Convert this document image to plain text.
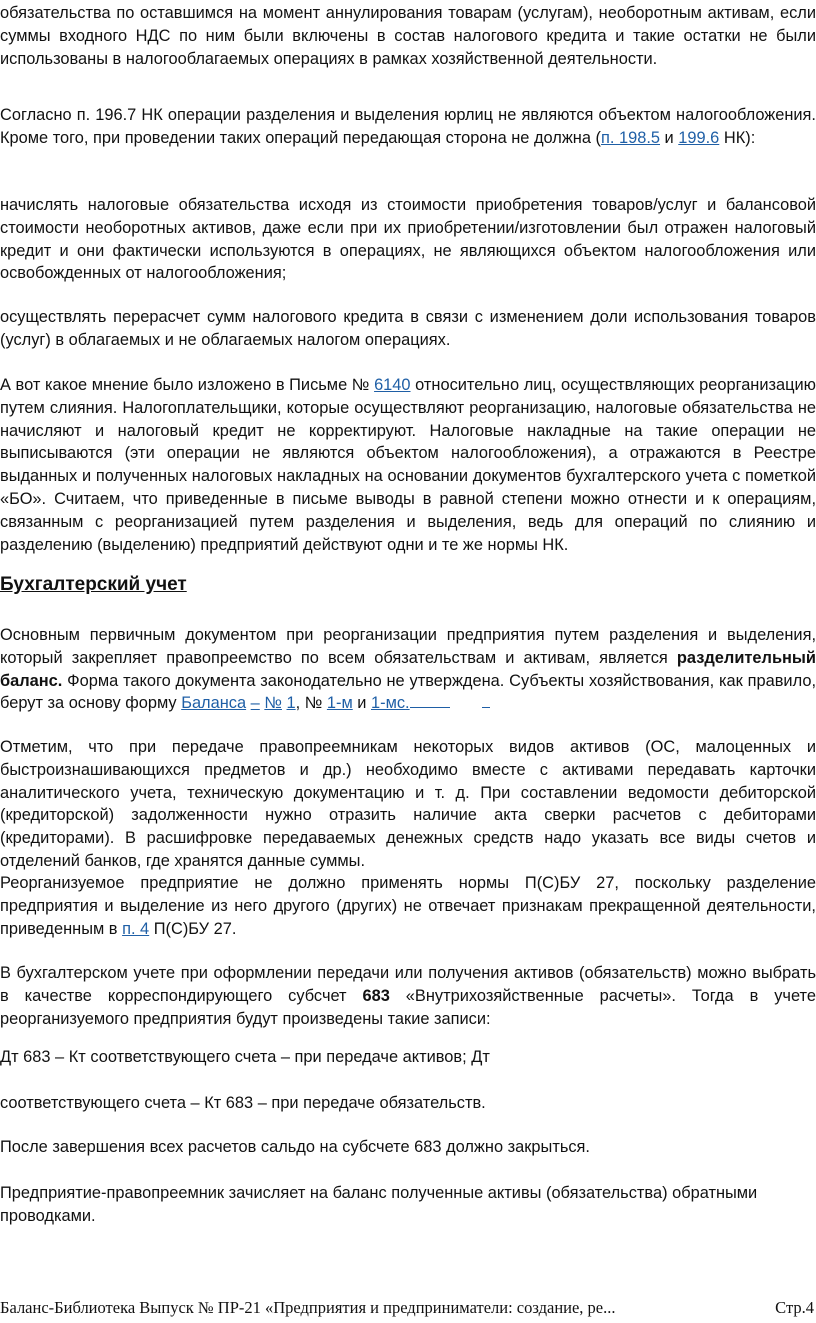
обязательства по оставшимся на момент аннулирования товарам (услугам), необоротным активам, если суммы входного НДС по ним были включены в состав налогового кредита и такие остатки не были использованы в налогооблагаемых операциях в рамках хозяйственной деятельности.

Согласно п. 196.7 НК операции разделения и выделения юрлиц не являются объектом налогообложения. Кроме того, при проведении таких операций передающая сторона не должна (п. 198.5 и 199.6 НК):

начислять налоговые обязательства исходя из стоимости приобретения товаров/услуг и балансовой стоимости необоротных активов, даже если при их приобретении/изготовлении был отражен налоговый кредит и они фактически используются в операциях, не являющихся объектом налогообложения или освобожденных от налогообложения;

осуществлять перерасчет сумм налогового кредита в связи с изменением доли использования товаров (услуг) в облагаемых и не облагаемых налогом операциях.

А вот какое мнение было изложено в Письме № 6140 относительно лиц, осуществляющих реорганизацию путем слияния. Налогоплательщики, которые осуществляют реорганизацию, налоговые обязательства не начисляют и налоговый кредит не корректируют. Налоговые накладные на такие операции не выписываются (эти операции не являются объектом налогообложения), а отражаются в Реестре выданных и полученных налоговых накладных на основании документов бухгалтерского учета с пометкой «БО». Считаем, что приведенные в письме выводы в равной степени можно отнести и к операциям, связанным с реорганизацией путем разделения и выделения, ведь для операций по слиянию и разделению (выделению) предприятий действуют одни и те же нормы НК.

Бухгалтерский учет

Основным первичным документом при реорганизации предприятия путем разделения и выделения, который закрепляет правопреемство по всем обязательствам и активам, является разделительный баланс. Форма такого документа законодательно не утверждена. Субъекты хозяйствования, как правило, берут за основу форму Баланса – № 1, № 1-м и 1-мс.

Отметим, что при передаче правопреемникам некоторых видов активов (ОС, малоценных и быстроизнашивающихся предметов и др.) необходимо вместе с активами передавать карточки аналитического учета, техническую документацию и т. д. При составлении ведомости дебиторской (кредиторской) задолженности нужно отразить наличие акта сверки расчетов с дебиторами (кредиторами). В расшифровке передаваемых денежных средств надо указать все виды счетов и отделений банков, где хранятся данные суммы.

Реорганизуемое предприятие не должно применять нормы П(С)БУ 27, поскольку разделение предприятия и выделение из него другого (других) не отвечает признакам прекращенной деятельности, приведенным в п. 4 П(С)БУ 27.

В бухгалтерском учете при оформлении передачи или получения активов (обязательств) можно выбрать в качестве корреспондирующего субсчет 683 «Внутрихозяйственные расчеты». Тогда в учете реорганизуемого предприятия будут произведены такие записи:

Дт 683 – Кт соответствующего счета – при передаче активов; Дт

соответствующего счета – Кт 683 – при передаче обязательств.

После завершения всех расчетов сальдо на субсчете 683 должно закрыться.

Предприятие-правопреемник зачисляет на баланс полученные активы (обязательства) обратными проводками.

Баланс-Библиотека Выпуск № ПР-21 «Предприятия и предприниматели: создание, ре...	Стр.4
